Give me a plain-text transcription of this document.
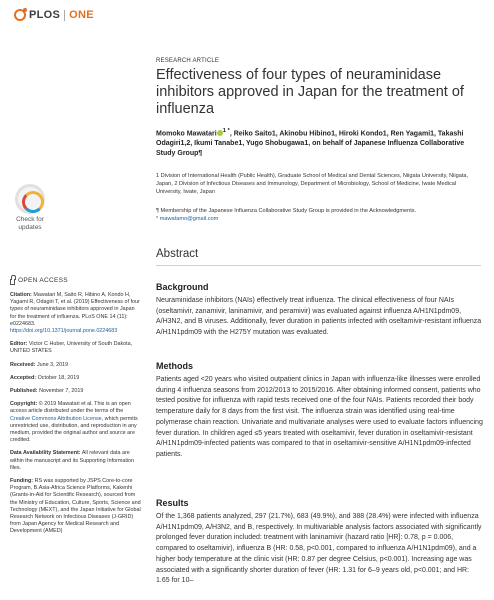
PLOS ONE
RESEARCH ARTICLE
Effectiveness of four types of neuraminidase inhibitors approved in Japan for the treatment of influenza
Momoko Mawatari $^{1 *}$, Reiko Saito1, Akinobu Hibino1, Hiroki Kondo1, Ren Yagami1, Takashi Odagiri1,2, Ikumi Tanabe1, Yugo Shobugawa1, on behalf of Japanese Influenza Collaborative Study Group¶
1 Division of International Health (Public Health), Graduate School of Medical and Dental Sciences, Niigata University, Niigata, Japan, 2 Division of Infectious Diseases and Immunology, Department of Microbiology, School of Medicine, Iwate Medical University, Iwate, Japan
¶ Membership of the Japanese Influenza Collaborative Study Group is provided in the Acknowledgments.
* mawatamo@gmail.com
Check for updates
Abstract
Background
Neuraminidase inhibitors (NAIs) effectively treat influenza. The clinical effectiveness of four NAIs (oseltamivir, zanamivir, laninamivir, and peramivir) was evaluated against influenza A/H1N1pdm09, A/H3N2, and B viruses. Additionally, fever duration in patients infected with oseltamivir-resistant influenza A/H1N1pdm09 with the H275Y mutation was evaluated.
Methods
Patients aged <20 years who visited outpatient clinics in Japan with influenza-like illnesses were enrolled during 4 influenza seasons from 2012/2013 to 2015/2016. After obtaining informed consent, patients who tested positive for influenza with rapid tests received one of the four NAIs. Patients recorded their body temperature daily for 8 days from the first visit. The influenza strain was identified using real-time polymerase chain reaction. Univariate and multivariate analyses were used to evaluate factors influencing fever duration. In children aged ≤5 years treated with oseltamivir, fever duration in oseltamivir-resistant A/H1N1pdm09-infected patients was compared to that in oseltamivir-sensitive A/H1N1pdm09-infected patients.
Results
Of the 1,368 patients analyzed, 297 (21.7%), 683 (49.9%), and 388 (28.4%) were infected with influenza A/H1N1pdm09, A/H3N2, and B, respectively. In multivariable analysis factors associated with significantly prolonged fever duration included: treatment with laninamivir (hazard ratio [HR]: 0.78, p = 0.006, compared to oseltamivir), influenza B (HR: 0.58, p<0.001, compared to influenza A/H1N1pdm09), and a higher body temperature at the clinic visit (HR: 0.87 per degree Celsius, p<0.001). Increasing age was associated with a significantly shorter duration of fever (HR: 1.31 for 6–9 years old, p<0.001; and HR: 1.65 for 10–
OPEN ACCESS
Citation: Mawatari M, Saito R, Hibino A, Kondo H, Yagami R, Odagiri T, et al. (2019) Effectiveness of four types of neuraminidase inhibitors approved in Japan for the treatment of influenza. PLoS ONE 14 (11): e0224683. https://doi.org/10.1371/journal.pone.0224683
Editor: Victor C Huber, University of South Dakota, UNITED STATES
Received: June 3, 2019
Accepted: October 18, 2019
Published: November 7, 2019
Copyright: © 2019 Mawatari et al. This is an open access article distributed under the terms of the Creative Commons Attribution License, which permits unrestricted use, distribution, and reproduction in any medium, provided the original author and source are credited.
Data Availability Statement: All relevant data are within the manuscript and its Supporting Information files.
Funding: RS was supported by JSPS Core-to-core Program, B.Asia-Africa Science Platforms, Kakenhi (Grants-in-Aid for Scientific Research), sourced from the Ministry of Education, Culture, Sports, Science and Technology (MEXT), and the Japan Initiative for Global Research Network on Infectious Diseases (J-GRID) from Japan Agency for Medical Research and Development (AMED)
